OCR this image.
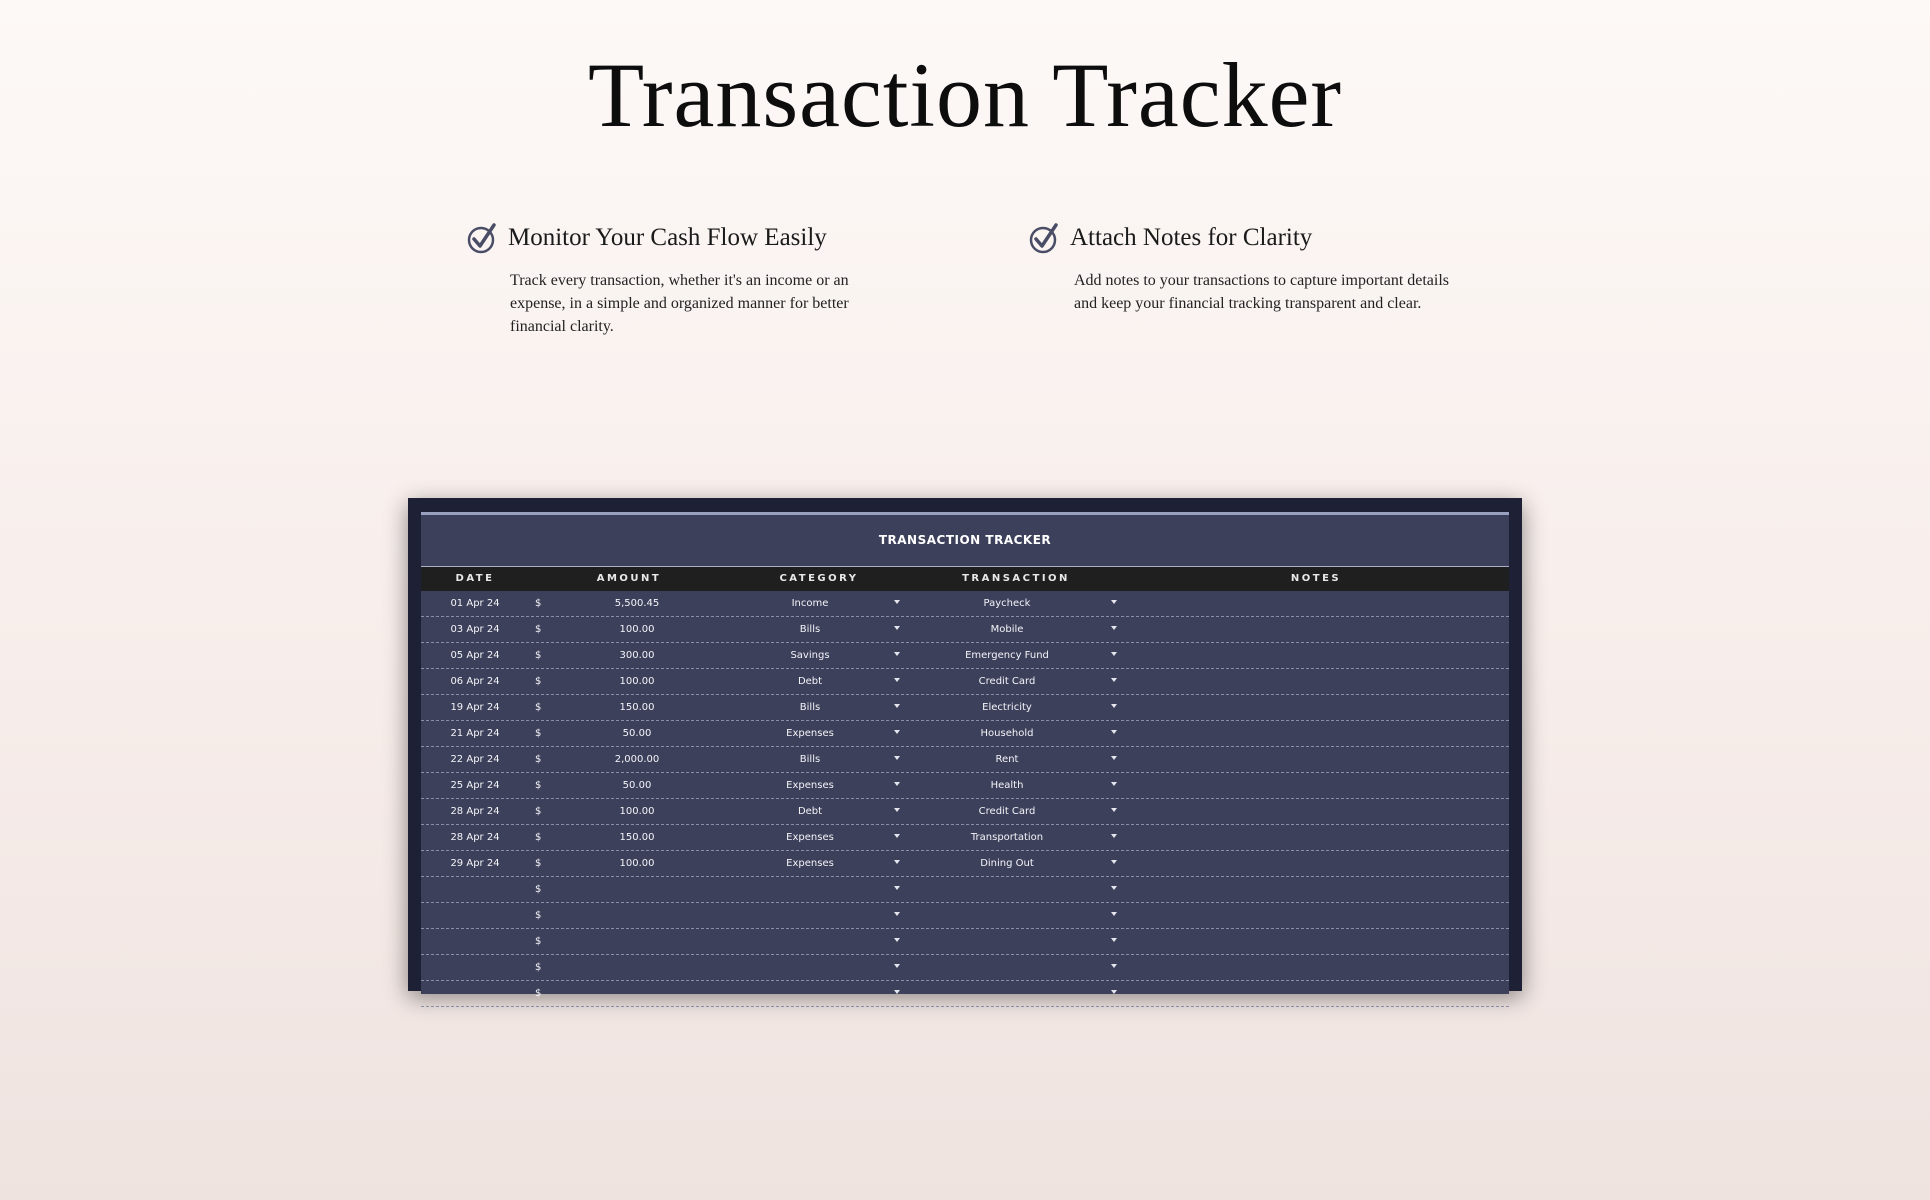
Transaction Tracker
Monitor Your Cash Flow Easily
Track every transaction, whether it's an income or an expense, in a simple and organized manner for better financial clarity.
Attach Notes for Clarity
Add notes to your transactions to capture important details and keep your financial tracking transparent and clear.
TRANSACTION TRACKER
DATE	AMOUNT	CATEGORY	TRANSACTION	NOTES
01 Apr 24	$	5,500.45	Income	Paycheck
03 Apr 24	$	100.00	Bills	Mobile
05 Apr 24	$	300.00	Savings	Emergency Fund
06 Apr 24	$	100.00	Debt	Credit Card
19 Apr 24	$	150.00	Bills	Electricity
21 Apr 24	$	50.00	Expenses	Household
22 Apr 24	$	2,000.00	Bills	Rent
25 Apr 24	$	50.00	Expenses	Health
28 Apr 24	$	100.00	Debt	Credit Card
28 Apr 24	$	150.00	Expenses	Transportation
29 Apr 24	$	100.00	Expenses	Dining Out
$
$
$
$
$
